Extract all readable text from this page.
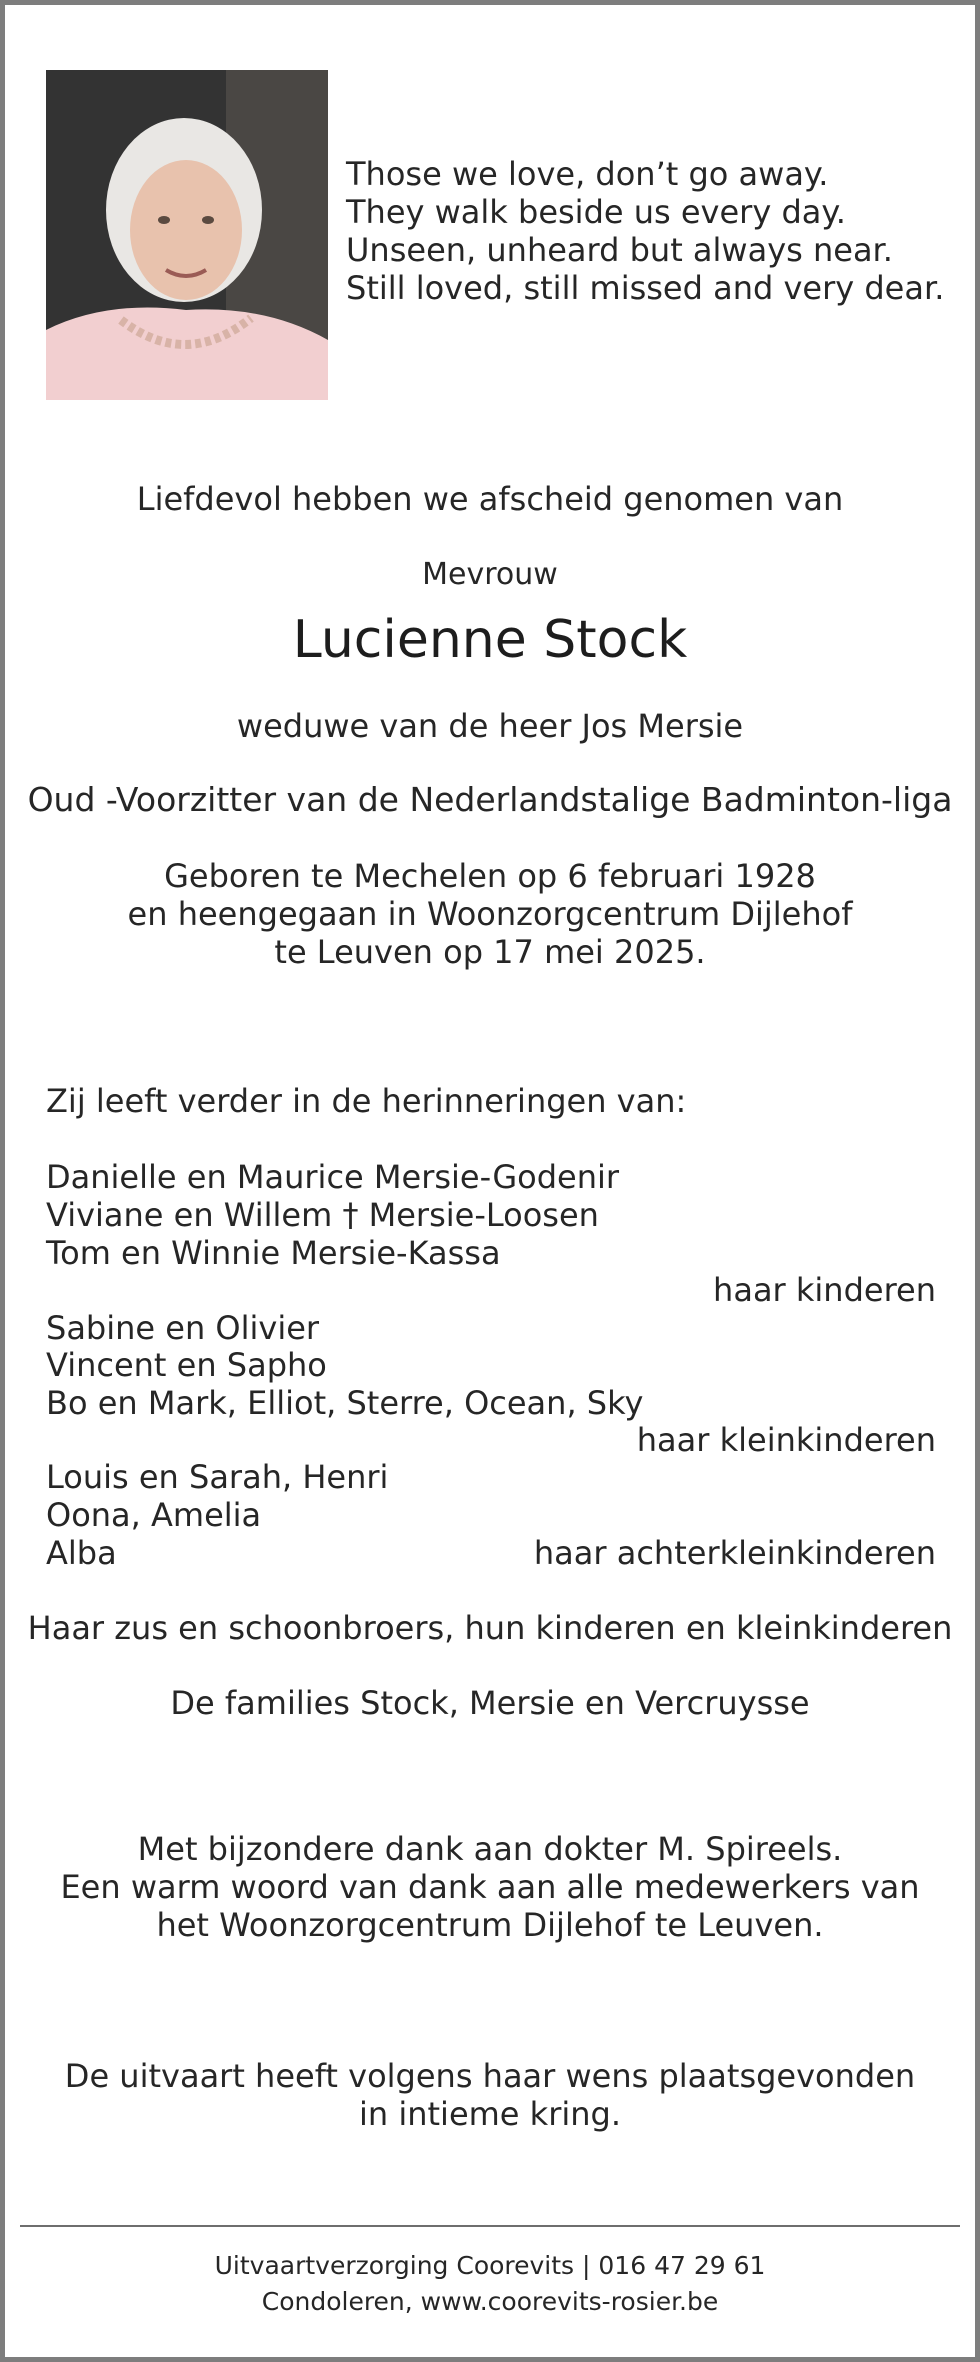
Those we love, don’t go away.
They walk beside us every day.
Unseen, unheard but always near.
Still loved, still missed and very dear.
Liefdevol hebben we afscheid genomen van
Mevrouw
Lucienne Stock
weduwe van de heer Jos Mersie
Oud -Voorzitter van de Nederlandstalige Badminton-liga
Geboren te Mechelen op 6 februari 1928
en heengegaan in Woonzorgcentrum Dijlehof
te Leuven op 17 mei 2025.
Zij leeft verder in de herinneringen van:
Danielle en Maurice Mersie-Godenir
Viviane en Willem † Mersie-Loosen
Tom en Winnie Mersie-Kassa
haar kinderen
Sabine en Olivier
Vincent en Sapho
Bo en Mark, Elliot, Sterre, Ocean, Sky
haar kleinkinderen
Louis en Sarah, Henri
Oona, Amelia
Alba	haar achterkleinkinderen
Haar zus en schoonbroers, hun kinderen en kleinkinderen
De families Stock, Mersie en Vercruysse
Met bijzondere dank aan dokter M. Spireels.
Een warm woord van dank aan alle medewerkers van
het Woonzorgcentrum Dijlehof te Leuven.
De uitvaart heeft volgens haar wens plaatsgevonden
in intieme kring.
Uitvaartverzorging Coorevits | 016 47 29 61
Condoleren, www.coorevits-rosier.be
